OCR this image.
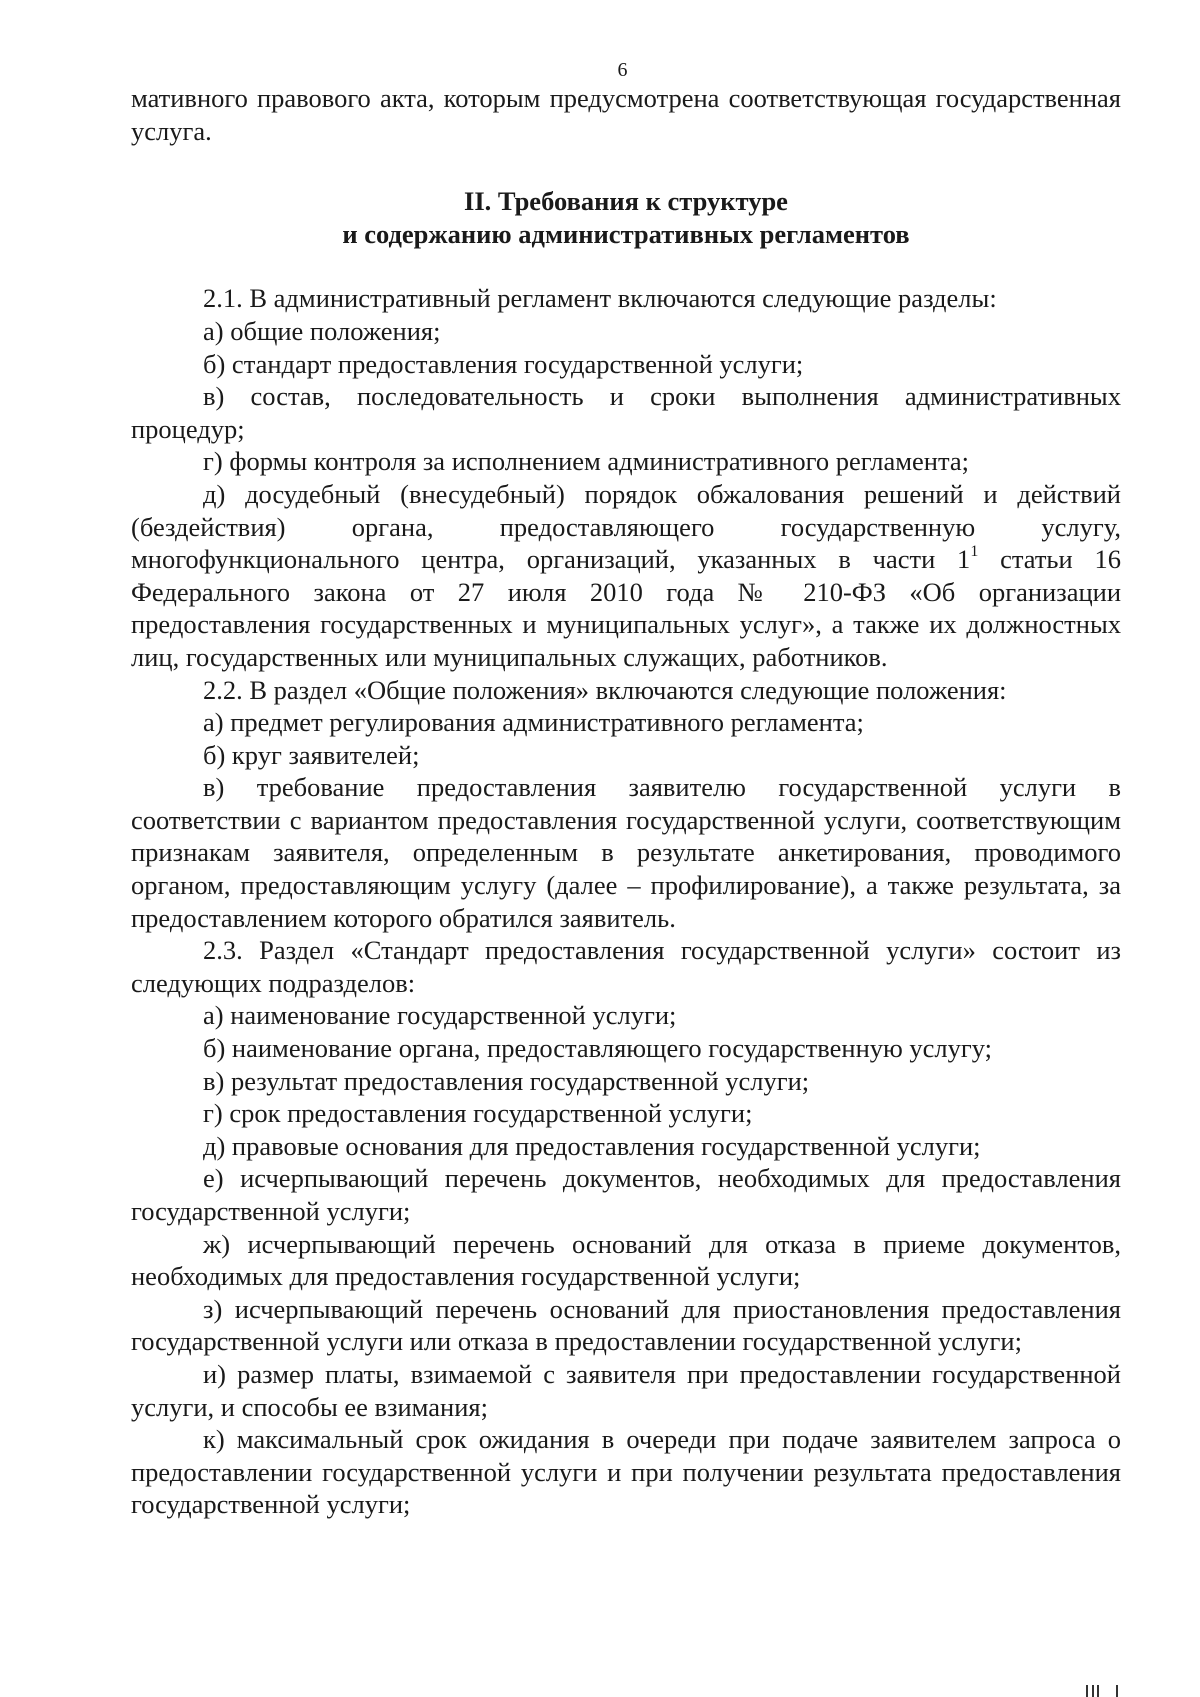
6

мативного правового акта, которым предусмотрена соответствующая государственная услуга.

II. Требования к структуре
и содержанию административных регламентов

2.1. В административный регламент включаются следующие разделы:

а) общие положения;

б) стандарт предоставления государственной услуги;

в) состав, последовательность и сроки выполнения административных процедур;

г) формы контроля за исполнением административного регламента;

д) досудебный (внесудебный) порядок обжалования решений и действий (бездействия) органа, предоставляющего государственную услугу, многофункционального центра, организаций, указанных в части $1^1$ статьи 16 Федерального закона от 27 июля 2010 года № 210-ФЗ «Об организации предоставления государственных и муниципальных услуг», а также их должностных лиц, государственных или муниципальных служащих, работников.

2.2. В раздел «Общие положения» включаются следующие положения:

а) предмет регулирования административного регламента;

б) круг заявителей;

в) требование предоставления заявителю государственной услуги в соответствии с вариантом предоставления государственной услуги, соответствующим признакам заявителя, определенным в результате анкетирования, проводимого органом, предоставляющим услугу (далее – профилирование), а также результата, за предоставлением которого обратился заявитель.

2.3. Раздел «Стандарт предоставления государственной услуги» состоит из следующих подразделов:

а) наименование государственной услуги;

б) наименование органа, предоставляющего государственную услугу;

в) результат предоставления государственной услуги;

г) срок предоставления государственной услуги;

д) правовые основания для предоставления государственной услуги;

е) исчерпывающий перечень документов, необходимых для предоставления государственной услуги;

ж) исчерпывающий перечень оснований для отказа в приеме документов, необходимых для предоставления государственной услуги;

з) исчерпывающий перечень оснований для приостановления предоставления государственной услуги или отказа в предоставлении государственной услуги;

и) размер платы, взимаемой с заявителя при предоставлении государственной услуги, и способы ее взимания;

к) максимальный срок ожидания в очереди при подаче заявителем запроса о предоставлении государственной услуги и при получении результата предоставления государственной услуги;
